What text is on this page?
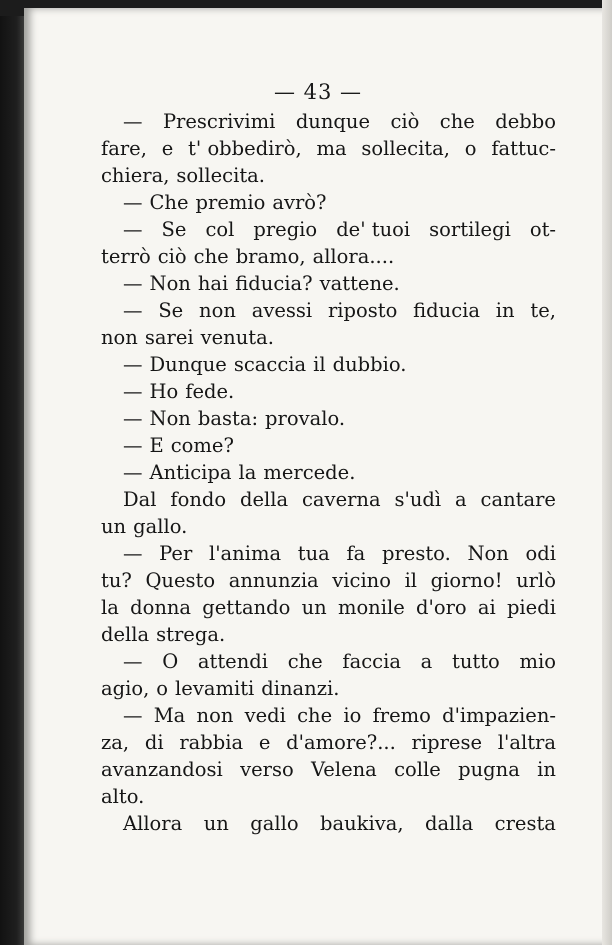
— 43 —
— Prescrivimi dunque ciò che debbo
fare, e t' obbedirò, ma sollecita, o fattuc-
chiera, sollecita.
— Che premio avrò?
— Se col pregio de' tuoi sortilegi ot-
terrò ciò che bramo, allora....
— Non hai fiducia? vattene.
— Se non avessi riposto fiducia in te,
non sarei venuta.
— Dunque scaccia il dubbio.
— Ho fede.
— Non basta: provalo.
— E come?
— Anticipa la mercede.
Dal fondo della caverna s'udì a cantare
un gallo.
— Per l'anima tua fa presto. Non odi
tu? Questo annunzia vicino il giorno! urlò
la donna gettando un monile d'oro ai piedi
della strega.
— O attendi che faccia a tutto mio
agio, o levamiti dinanzi.
— Ma non vedi che io fremo d'impazien-
za, di rabbia e d'amore?... riprese l'altra
avanzandosi verso Velena colle pugna in
alto.
Allora un gallo baukiva, dalla cresta
